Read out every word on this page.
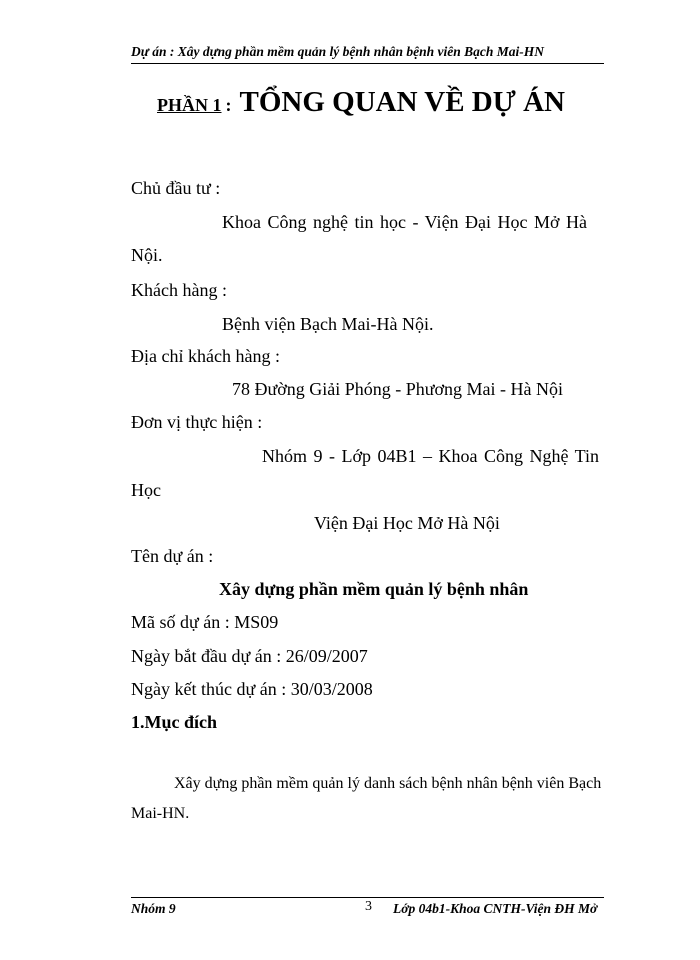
Dự án : Xây dựng phần mềm quản lý bệnh nhân bệnh viên Bạch Mai-HN
PHẦN 1 : TỔNG QUAN VỀ DỰ ÁN
Chủ đầu tư :
Khoa Công nghệ tin học - Viện Đại Học Mở Hà
Nội.
Khách hàng :
Bệnh viện Bạch Mai-Hà Nội.
Địa chỉ khách hàng :
78 Đường Giải Phóng - Phương Mai - Hà Nội
Đơn vị thực hiện :
Nhóm 9 - Lớp 04B1 – Khoa Công Nghệ Tin
Học
Viện Đại Học Mở Hà Nội
Tên dự án :
Xây dựng phần mềm quản lý bệnh nhân
Mã số dự án : MS09
Ngày bắt đầu dự án : 26/09/2007
Ngày kết thúc dự án : 30/03/2008
1.Mục đích
Xây dựng phần mềm quản lý danh sách bệnh nhân bệnh viên Bạch
Mai-HN.
Nhóm 9	3 Lớp 04b1-Khoa CNTH-Viện ĐH Mở
